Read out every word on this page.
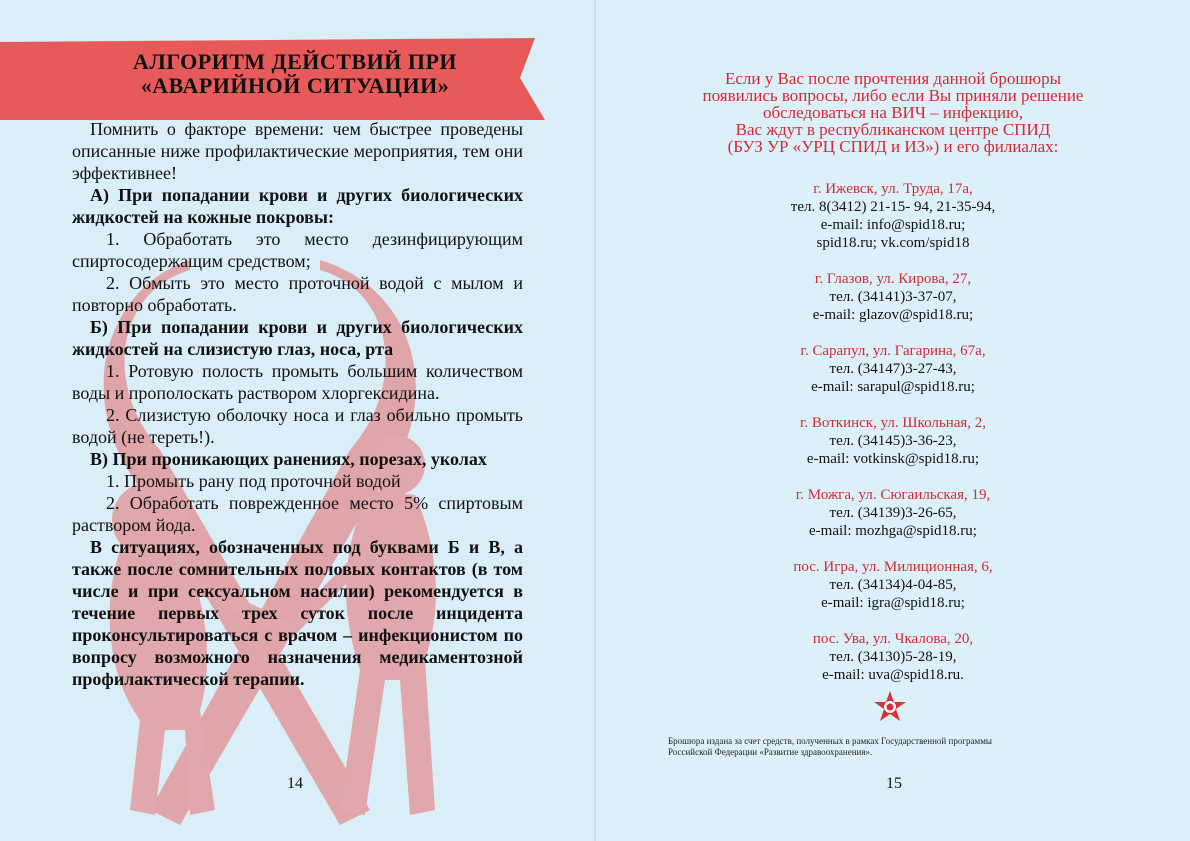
АЛГОРИТМ ДЕЙСТВИЙ ПРИ
«АВАРИЙНОЙ СИТУАЦИИ»

Помнить о факторе времени: чем быстрее проведены описанные ниже профилактические мероприятия, тем они эффективнее!

А) При попадании крови и других биологических жидкостей на кожные покровы:

1. Обработать это место дезинфицирующим спиртосодержащим средством;

2. Обмыть это место проточной водой с мылом и повторно обработать.

Б) При попадании крови и других биологических жидкостей на слизистую глаз, носа, рта

1. Ротовую полость промыть большим количеством воды и прополоскать раствором хлоргексидина.

2. Слизистую оболочку носа и глаз обильно промыть водой (не тереть!).

В) При проникающих ранениях, порезах, уколах

1. Промыть рану под проточной водой

2. Обработать поврежденное место 5% спиртовым раствором йода.

В ситуациях, обозначенных под буквами Б и В, а также после сомнительных половых контактов (в том числе и при сексуальном насилии) рекомендуется в течение первых трех суток после инцидента проконсультироваться с врачом – инфекционистом по вопросу возможного назначения медикаментозной профилактической терапии.

14
Если у Вас после прочтения данной брошюры
появились вопросы, либо если Вы приняли решение
обследоваться на ВИЧ – инфекцию,
Вас ждут в республиканском центре СПИД
(БУЗ УР «УРЦ СПИД и ИЗ») и его филиалах:
г. Ижевск, ул. Труда, 17а,
тел. 8(3412) 21-15- 94, 21-35-94,
e-mail: info@spid18.ru;
spid18.ru; vk.com/spid18
г. Глазов, ул. Кирова, 27,
тел. (34141)3-37-07,
e-mail: glazov@spid18.ru;
г. Сарапул, ул. Гагарина, 67а,
тел. (34147)3-27-43,
e-mail: sarapul@spid18.ru;
г. Воткинск, ул. Школьная, 2,
тел. (34145)3-36-23,
e-mail: votkinsk@spid18.ru;
г. Можга, ул. Сюгаильская, 19,
тел. (34139)3-26-65,
e-mail: mozhga@spid18.ru;
пос. Игра, ул. Милиционная, 6,
тел. (34134)4-04-85,
e-mail: igra@spid18.ru;
пос. Ува, ул. Чкалова, 20,
тел. (34130)5-28-19,
e-mail: uva@spid18.ru.
Брошюра издана за счет средств, полученных в рамках Государственной программы
Российской Федерации «Развитие здравоохранения».
15
